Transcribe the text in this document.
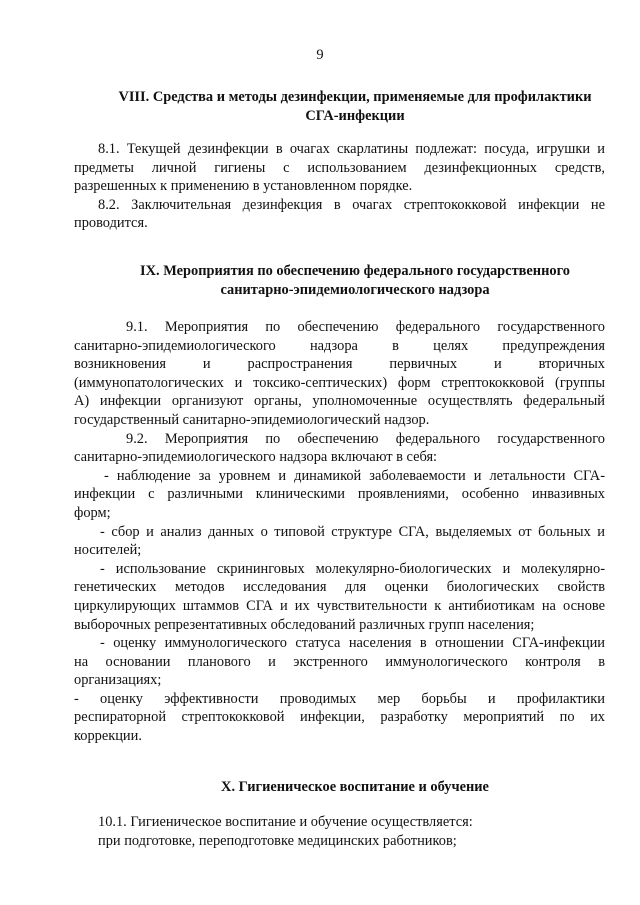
9
VIII. Средства и методы дезинфекции, применяемые для профилактики
СГА-инфекции
8.1. Текущей дезинфекции в очагах скарлатины подлежат: посуда, игрушки и
предметы личной гигиены с использованием дезинфекционных средств,
разрешенных к применению в установленном порядке.
8.2. Заключительная дезинфекция в очагах стрептококковой инфекции не
проводится.
IX. Мероприятия по обеспечению федерального государственного
санитарно-эпидемиологического надзора
9.1. Мероприятия по обеспечению федерального государственного
санитарно-эпидемиологического надзора в целях предупреждения
возникновения и распространения первичных и вторичных
(иммунопатологических и токсико-септических) форм стрептококковой (группы
А) инфекции организуют органы, уполномоченные осуществлять федеральный
государственный санитарно-эпидемиологический надзор.
9.2. Мероприятия по обеспечению федерального государственного
санитарно-эпидемиологического надзора включают в себя:
- наблюдение за уровнем и динамикой заболеваемости и летальности СГА-
инфекции с различными клиническими проявлениями, особенно инвазивных
форм;
- сбор и анализ данных о типовой структуре СГА, выделяемых от больных и
носителей;
- использование скрининговых молекулярно-биологических и молекулярно-
генетических методов исследования для оценки биологических свойств
циркулирующих штаммов СГА и их чувствительности к антибиотикам на основе
выборочных репрезентативных обследований различных групп населения;
- оценку иммунологического статуса населения в отношении СГА-инфекции
на основании планового и экстренного иммунологического контроля в
организациях;
- оценку эффективности проводимых мер борьбы и профилактики
респираторной стрептококковой инфекции, разработку мероприятий по их
коррекции.
X. Гигиеническое воспитание и обучение
10.1. Гигиеническое воспитание и обучение осуществляется:
при подготовке, переподготовке медицинских работников;
